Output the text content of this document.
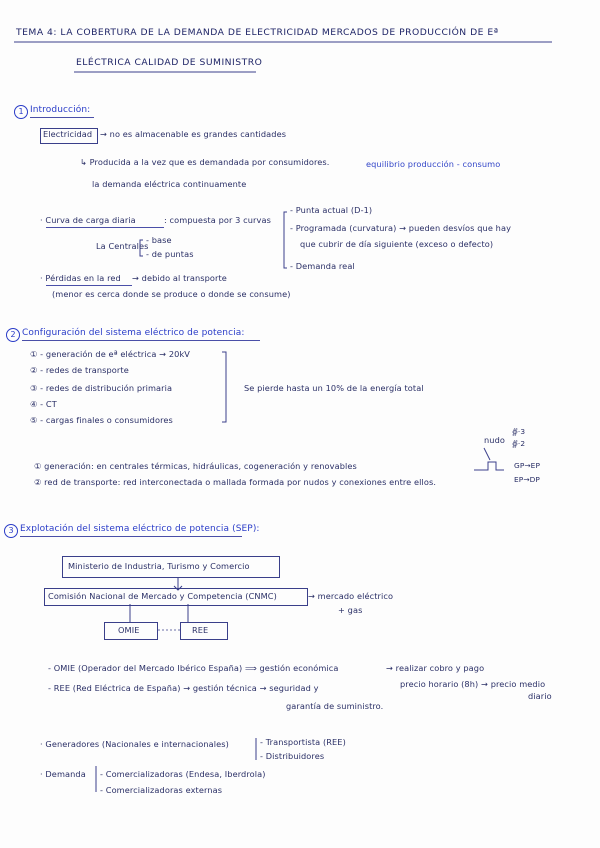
TEMA 4: LA COBERTURA DE LA DEMANDA DE ELECTRICIDAD MERCADOS DE PRODUCCIÓN DE Eª
ELÉCTRICA CALIDAD DE SUMINISTRO
1 Introducción:
Electricidad → no es almacenable es grandes cantidades
↳ Producida a la vez que es demandada por consumidores.	equilibrio producción - consumo
la demanda eléctrica continuamente
· Curva de carga diaria	: compuesta por 3 curvas
- Punta actual (D-1)
- Programada (curvatura) → pueden desvíos que hay
que cubrir de día siguiente (exceso o defecto)
- Demanda real
La Centrales
- base
- de puntas
· Pérdidas en la red → debido al transporte
(menor es cerca donde se produce o donde se consume)
2 Configuración del sistema eléctrico de potencia:
① - generación de eª eléctrica → 20kV
② - redes de transporte
③ - redes de distribución primaria
④ - CT
⑤ - cargas finales o consumidores
Se pierde hasta un 10% de la energía total
nudo
∯·3
∯·2
GP→EP
EP→DP
① generación: en centrales térmicas, hidráulicas, cogeneración y renovables
② red de transporte: red interconectada o mallada formada por nudos y conexiones entre ellos.
3 Explotación del sistema eléctrico de potencia (SEP):
Ministerio de Industria, Turismo y Comercio
Comisión Nacional de Mercado y Competencia (CNMC)	→ mercado eléctrico
+ gas
OMIE	REE
- OMIE (Operador del Mercado Ibérico España) ⟹ gestión económica	→ realizar cobro y pago
precio horario (8h) → precio medio
diario
- REE (Red Eléctrica de España) → gestión técnica → seguridad y
garantía de suministro.
· Generadores (Nacionales e internacionales)	- Transportista (REE)
- Distribuidores
· Demanda - Comercializadoras (Endesa, Iberdrola)
- Comercializadoras externas
